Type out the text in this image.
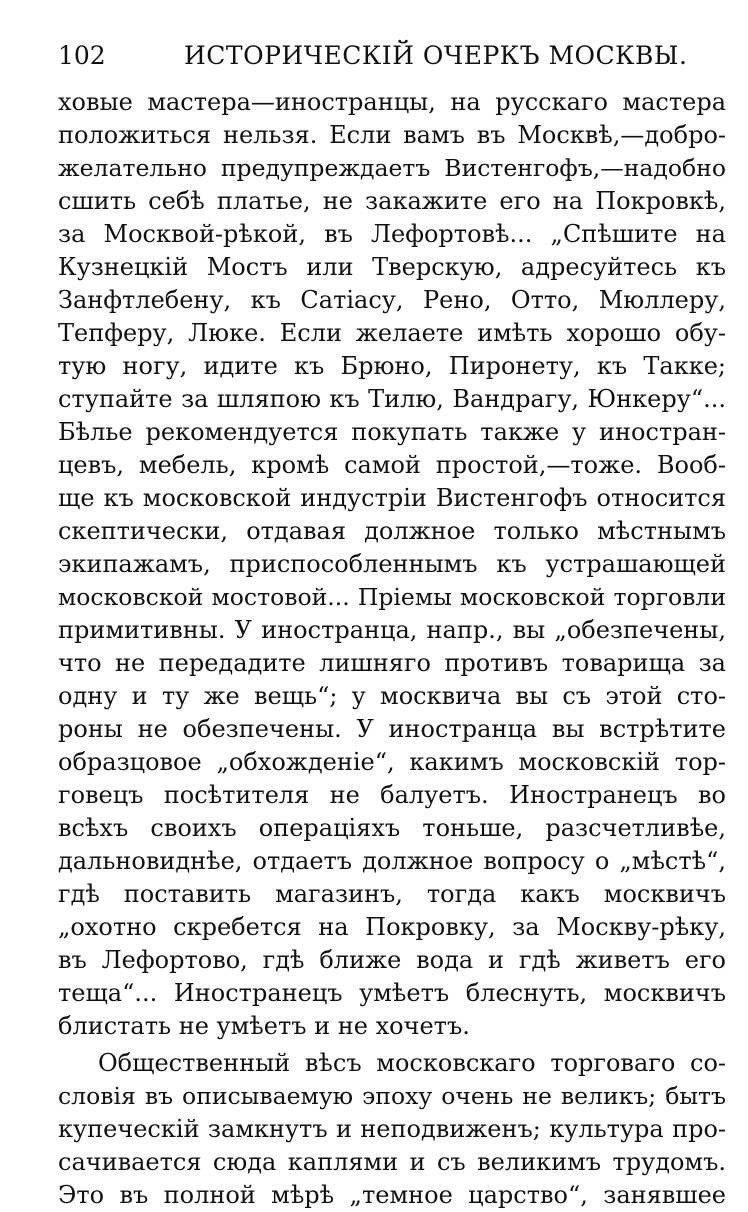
102	ИСТОРИЧЕСКІЙ ОЧЕРКЪ МОСКВЫ.
ховые мастера—иностранцы, на русскаго мастера
положиться нельзя. Если вамъ въ Москвѣ,—добро-
желательно предупреждаетъ Вистенгофъ,—надобно
сшить себѣ платье, не закажите его на Покровкѣ,
за Москвой-рѣкой, въ Лефортовѣ... „Спѣшите на
Кузнецкій Мостъ или Тверскую, адресуйтесь къ
Занфтлебену, къ Сатіасу, Рено, Отто, Мюллеру,
Тепферу, Люке. Если желаете имѣть хорошо обу-
тую ногу, идите къ Брюно, Пиронету, къ Такке;
ступайте за шляпою къ Тилю, Вандрагу, Юнкеру“...
Бѣлье рекомендуется покупать также у иностран-
цевъ, мебель, кромѣ самой простой,—тоже. Вооб-
ще къ московской индустріи Вистенгофъ относится
скептически, отдавая должное только мѣстнымъ
экипажамъ, приспособленнымъ къ устрашающей
московской мостовой... Пріемы московской торговли
примитивны. У иностранца, напр., вы „обезпечены,
что не передадите лишняго противъ товарища за
одну и ту же вещь“; у москвича вы съ этой сто-
роны не обезпечены. У иностранца вы встрѣтите
образцовое „обхожденіе“, какимъ московскій тор-
говецъ посѣтителя не балуетъ. Иностранецъ во
всѣхъ своихъ операціяхъ тоньше, разсчетливѣе,
дальновиднѣе, отдаетъ должное вопросу о „мѣстѣ“,
гдѣ поставить магазинъ, тогда какъ москвичъ
„охотно скребется на Покровку, за Москву-рѣку,
въ Лефортово, гдѣ ближе вода и гдѣ живетъ его
теща“... Иностранецъ умѣетъ блеснуть, москвичъ
блистать не умѣетъ и не хочетъ.
Общественный вѣсъ московскаго торговаго со-
словія въ описываемую эпоху очень не великъ; бытъ
купеческій замкнутъ и неподвиженъ; культура про-
сачивается сюда каплями и съ великимъ трудомъ.
Это въ полной мѣрѣ „темное царство“, занявшее
